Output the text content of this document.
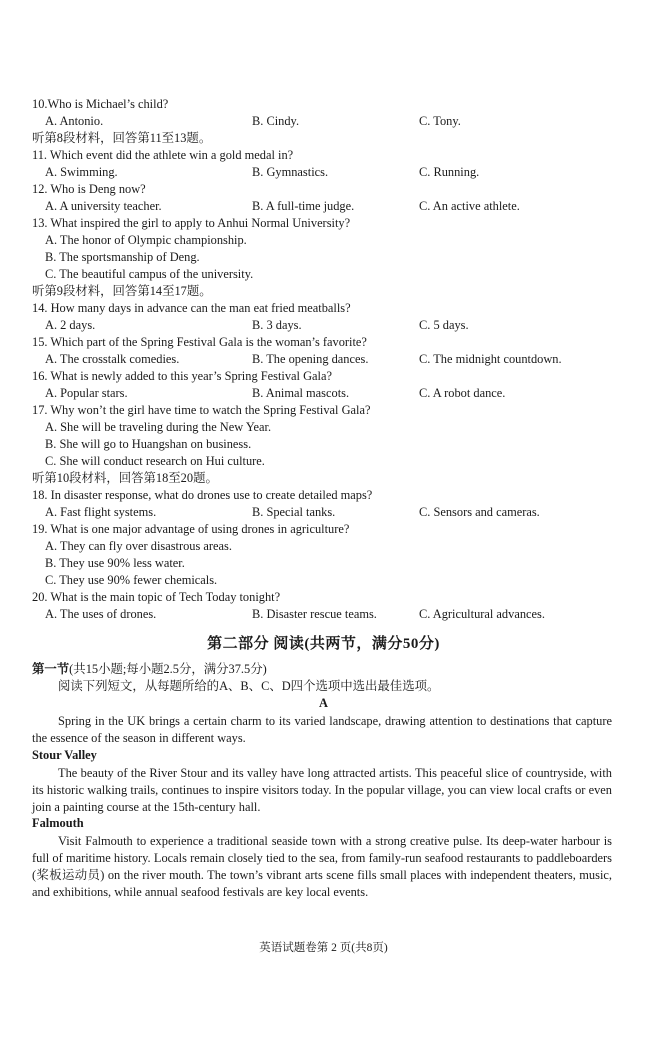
10.Who is Michael’s child?
A. Antonio.	B. Cindy.	C. Tony.
听第8段材料，回答第11至13题。
11. Which event did the athlete win a gold medal in?
A. Swimming.	B. Gymnastics.	C. Running.
12. Who is Deng now?
A. A university teacher.	B. A full-time judge.	C. An active athlete.
13. What inspired the girl to apply to Anhui Normal University?
A. The honor of Olympic championship.
B. The sportsmanship of Deng.
C. The beautiful campus of the university.
听第9段材料，回答第14至17题。
14. How many days in advance can the man eat fried meatballs?
A. 2 days.	B. 3 days.	C. 5 days.
15. Which part of the Spring Festival Gala is the woman’s favorite?
A. The crosstalk comedies.	B. The opening dances.	C. The midnight countdown.
16. What is newly added to this year’s Spring Festival Gala?
A. Popular stars.	B. Animal mascots.	C. A robot dance.
17. Why won’t the girl have time to watch the Spring Festival Gala?
A. She will be traveling during the New Year.
B. She will go to Huangshan on business.
C. She will conduct research on Hui culture.
听第10段材料，回答第18至20题。
18. In disaster response, what do drones use to create detailed maps?
A. Fast flight systems.	B. Special tanks.	C. Sensors and cameras.
19. What is one major advantage of using drones in agriculture?
A. They can fly over disastrous areas.
B. They use 90% less water.
C. They use 90% fewer chemicals.
20. What is the main topic of Tech Today tonight?
A. The uses of drones.	B. Disaster rescue teams.	C. Agricultural advances.
第二部分 阅读(共两节，满分50分)
第一节(共15小题;每小题2.5分，满分37.5分)
阅读下列短文，从每题所给的A、B、C、D四个选项中选出最佳选项。
A
Spring in the UK brings a certain charm to its varied landscape, drawing attention to destinations that capture the essence of the season in different ways.
Stour Valley
The beauty of the River Stour and its valley have long attracted artists. This peaceful slice of countryside, with its historic walking trails, continues to inspire visitors today. In the popular village, you can view local crafts or even join a painting course at the 15th-century hall.
Falmouth
Visit Falmouth to experience a traditional seaside town with a strong creative pulse. Its deep-water harbour is full of maritime history. Locals remain closely tied to the sea, from family-run seafood restaurants to paddleboarders (桨板运动员) on the river mouth. The town’s vibrant arts scene fills small places with independent theaters, music, and exhibitions, while annual seafood festivals are key local events.
英语试题卷第 2 页(共8页)
